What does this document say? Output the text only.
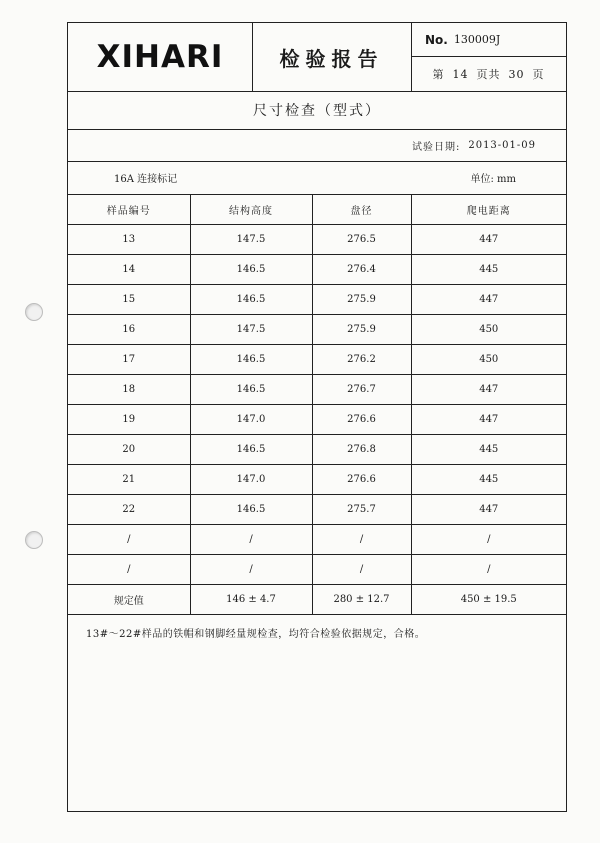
XIHARI	检验报告
No. 130009J
第 14 页共 30 页
尺寸检查（型式）
试验日期: 2013-01-09
16A 连接标记	单位: mm
样品编号	结构高度	盘径	爬电距离
13	147.5	276.5	447
14	146.5	276.4	445
15	146.5	275.9	447
16	147.5	275.9	450
17	146.5	276.2	450
18	146.5	276.7	447
19	147.0	276.6	447
20	146.5	276.8	445
21	147.0	276.6	445
22	146.5	275.7	447
/	/	/	/
/	/	/	/
规定值	146 ± 4.7	280 ± 12.7	450 ± 19.5
13#～22#样品的铁帽和钢脚经量规检查，均符合检验依据规定，合格。
